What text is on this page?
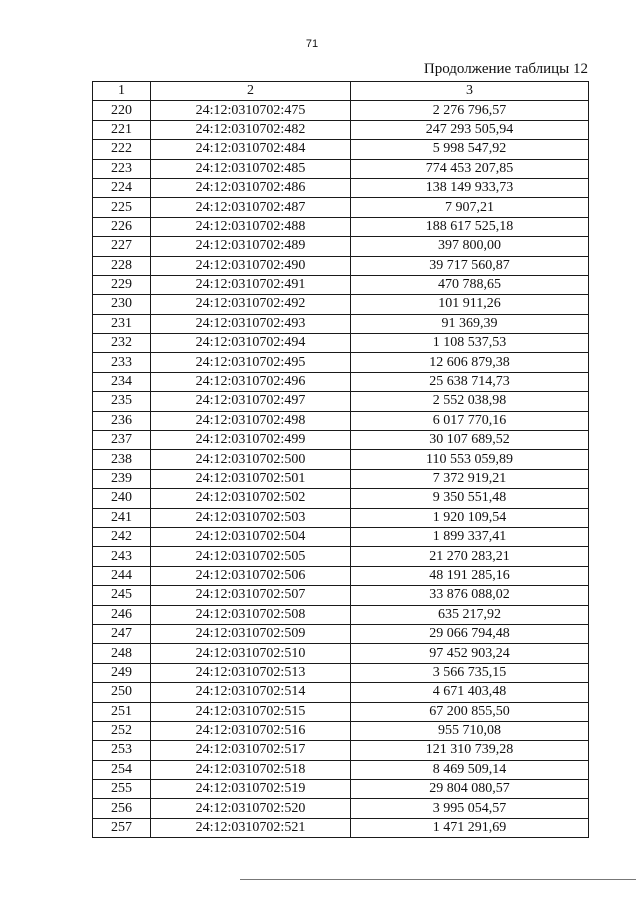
71
Продолжение таблицы 12
1	2	3
220	24:12:0310702:475	2 276 796,57
221	24:12:0310702:482	247 293 505,94
222	24:12:0310702:484	5 998 547,92
223	24:12:0310702:485	774 453 207,85
224	24:12:0310702:486	138 149 933,73
225	24:12:0310702:487	7 907,21
226	24:12:0310702:488	188 617 525,18
227	24:12:0310702:489	397 800,00
228	24:12:0310702:490	39 717 560,87
229	24:12:0310702:491	470 788,65
230	24:12:0310702:492	101 911,26
231	24:12:0310702:493	91 369,39
232	24:12:0310702:494	1 108 537,53
233	24:12:0310702:495	12 606 879,38
234	24:12:0310702:496	25 638 714,73
235	24:12:0310702:497	2 552 038,98
236	24:12:0310702:498	6 017 770,16
237	24:12:0310702:499	30 107 689,52
238	24:12:0310702:500	110 553 059,89
239	24:12:0310702:501	7 372 919,21
240	24:12:0310702:502	9 350 551,48
241	24:12:0310702:503	1 920 109,54
242	24:12:0310702:504	1 899 337,41
243	24:12:0310702:505	21 270 283,21
244	24:12:0310702:506	48 191 285,16
245	24:12:0310702:507	33 876 088,02
246	24:12:0310702:508	635 217,92
247	24:12:0310702:509	29 066 794,48
248	24:12:0310702:510	97 452 903,24
249	24:12:0310702:513	3 566 735,15
250	24:12:0310702:514	4 671 403,48
251	24:12:0310702:515	67 200 855,50
252	24:12:0310702:516	955 710,08
253	24:12:0310702:517	121 310 739,28
254	24:12:0310702:518	8 469 509,14
255	24:12:0310702:519	29 804 080,57
256	24:12:0310702:520	3 995 054,57
257	24:12:0310702:521	1 471 291,69
